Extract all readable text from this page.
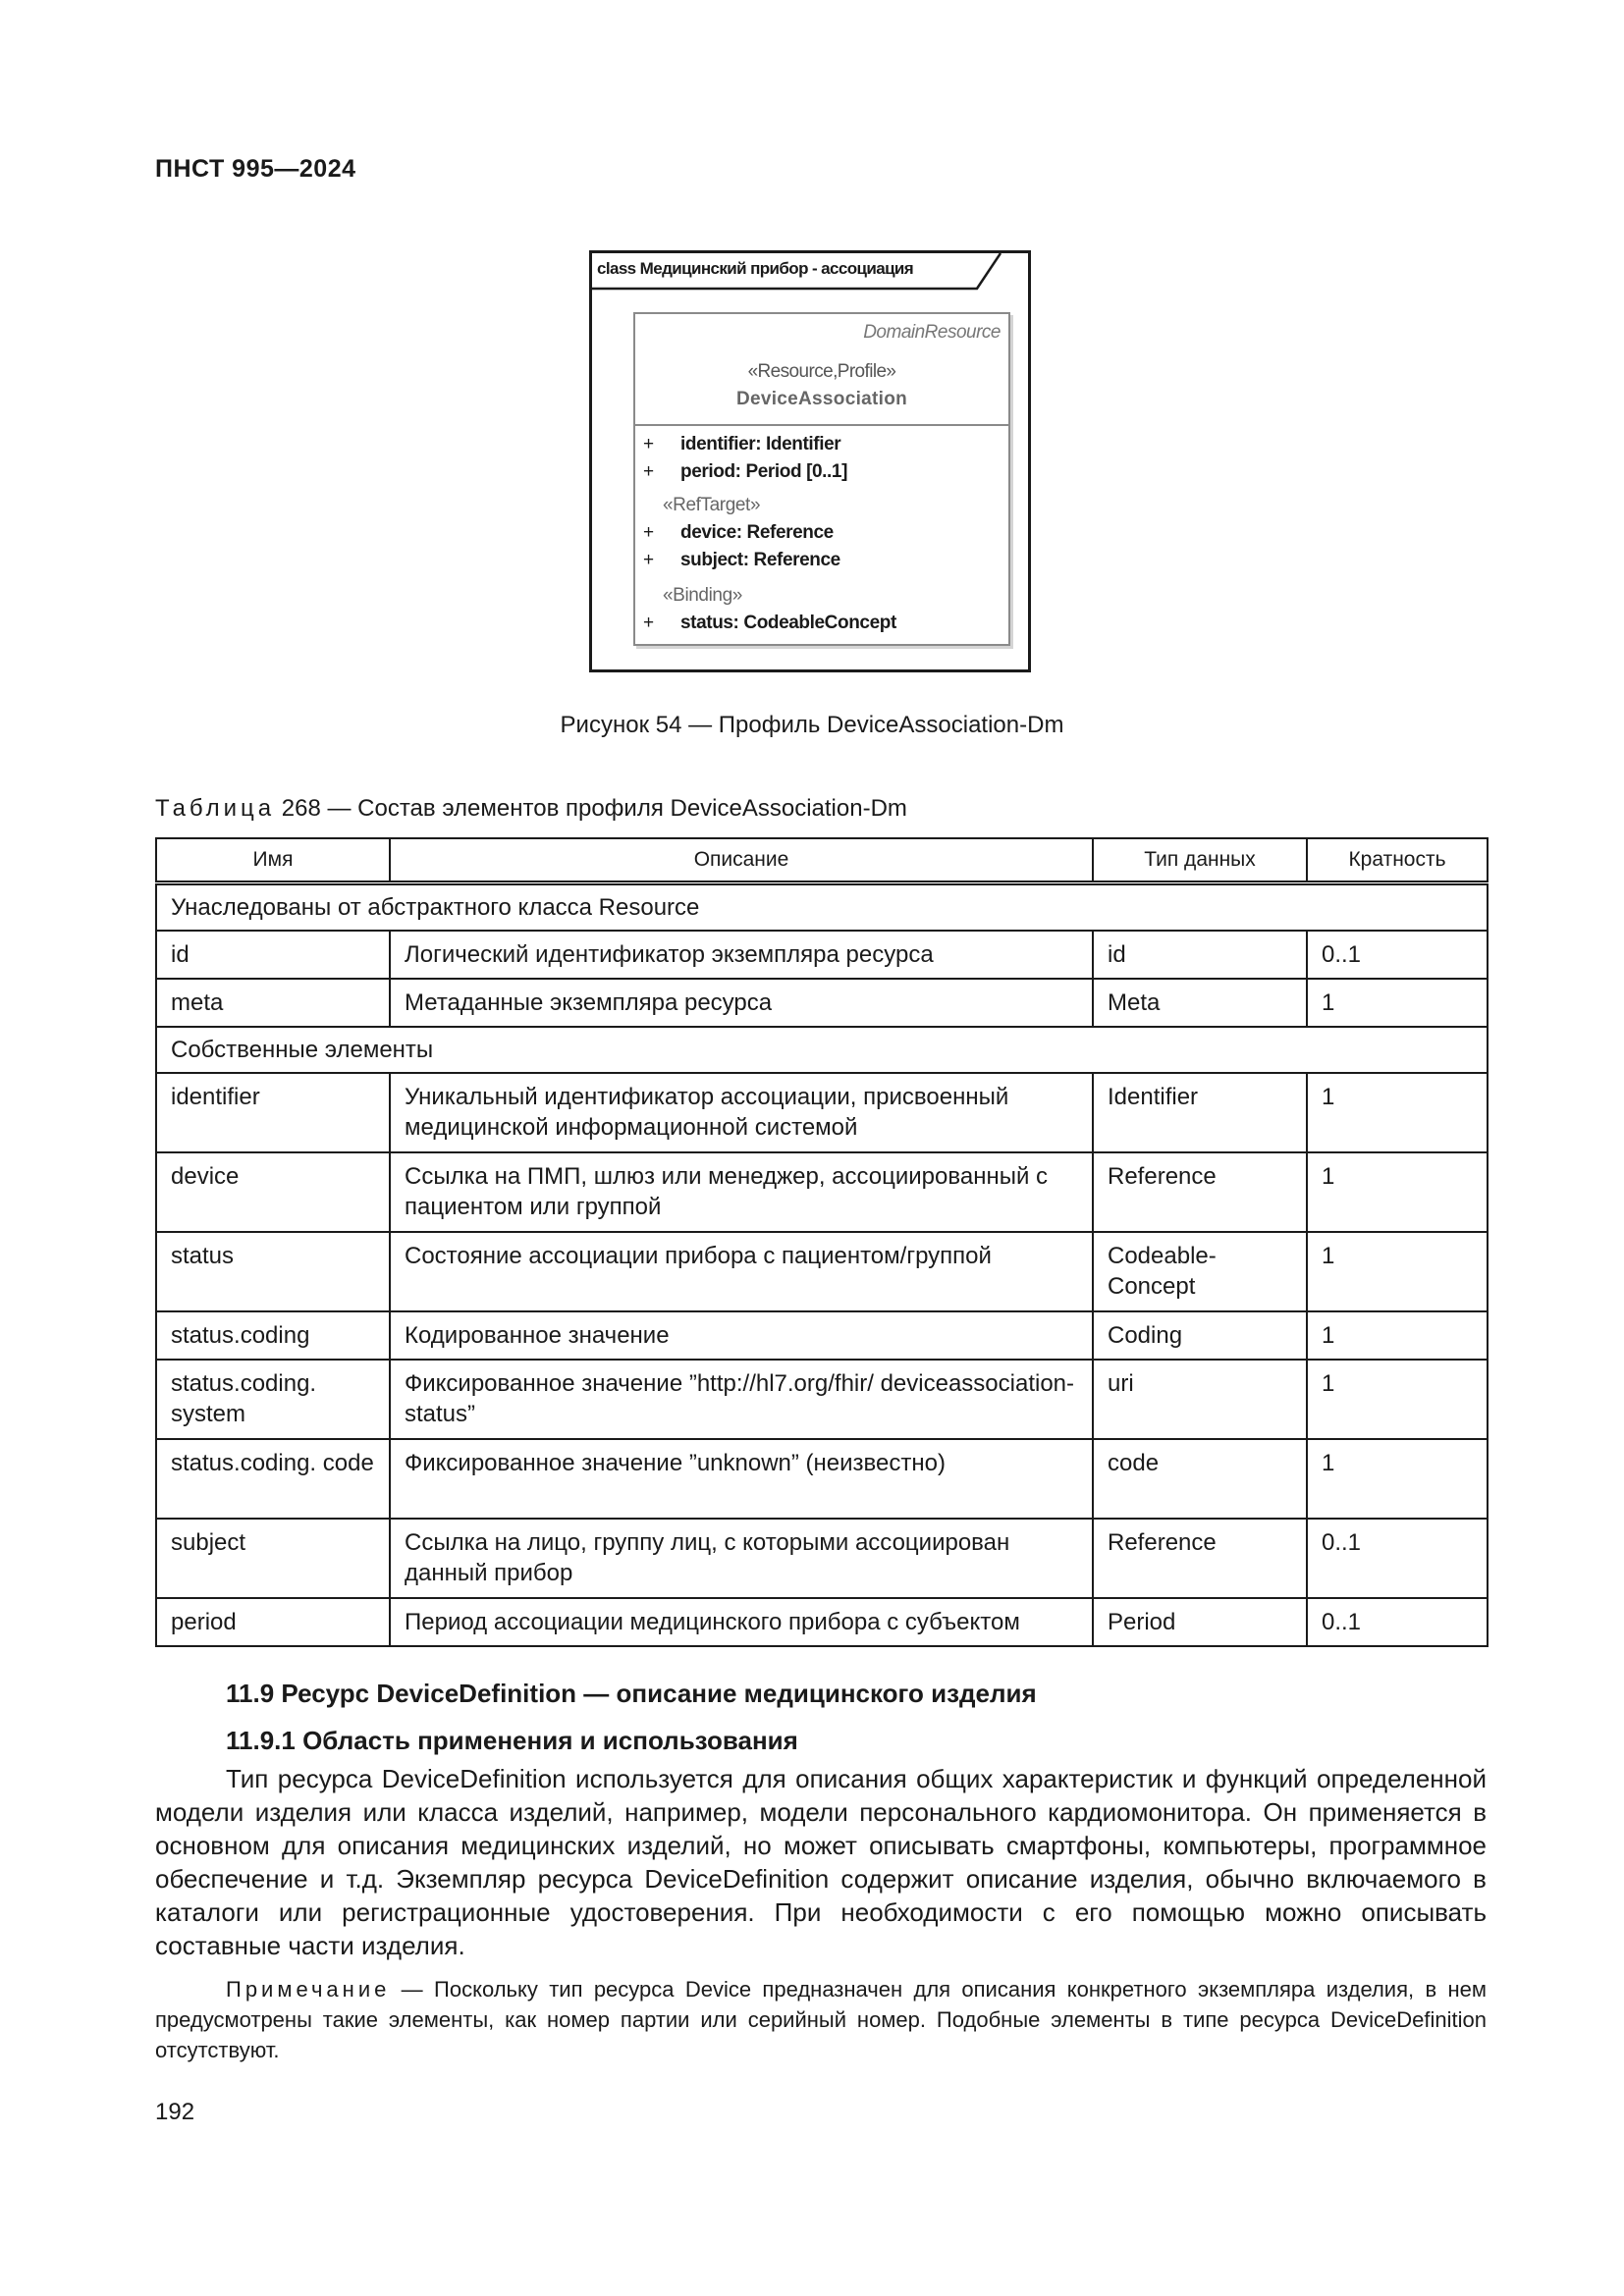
ПНСТ 995—2024
class Медицинский прибор - ассоциация
DomainResource
«Resource,Profile»
DeviceAssociation
+ identifier: Identifier
+ period: Period [0..1]
«RefTarget»
+ device: Reference
+ subject: Reference
«Binding»
+ status: CodeableConcept
Рисунок 54 — Профиль DeviceAssociation-Dm
Таблица 268 — Состав элементов профиля DeviceAssociation-Dm
Имя	Описание	Тип данных	Кратность
Унаследованы от абстрактного класса Resource			
id	Логический идентификатор экземпляра ресурса	id	0..1
meta	Метаданные экземпляра ресурса	Meta	1
Собственные элементы			
identifier	Уникальный идентификатор ассоциации, присвоенный медицинской информационной системой	Identifier	1
device	Ссылка на ПМП, шлюз или менеджер, ассоциированный с пациентом или группой	Reference	1
status	Состояние ассоциации прибора с пациентом/группой	Codeable-Concept	1
status.coding	Кодированное значение	Coding	1
status.coding. system	Фиксированное значение ”http://hl7.org/fhir/ deviceassociation-status”	uri	1
status.coding. code	Фиксированное значение ”unknown” (неизвестно)	code	1
subject	Ссылка на лицо, группу лиц, с которыми ассоциирован данный прибор	Reference	0..1
period	Период ассоциации медицинского прибора с субъектом	Period	0..1
11.9 Ресурс DeviceDefinition — описание медицинского изделия
11.9.1 Область применения и использования
Тип ресурса DeviceDefinition используется для описания общих характеристик и функций определенной модели изделия или класса изделий, например, модели персонального кардиомонитора. Он применяется в основном для описания медицинских изделий, но может описывать смартфоны, компьютеры, программное обеспечение и т.д. Экземпляр ресурса DeviceDefinition содержит описание изделия, обычно включаемого в каталоги или регистрационные удостоверения. При необходимости с его помощью можно описывать составные части изделия.
Примечание — Поскольку тип ресурса Device предназначен для описания конкретного экземпляра изделия, в нем предусмотрены такие элементы, как номер партии или серийный номер. Подобные элементы в типе ресурса DeviceDefinition отсутствуют.
192
